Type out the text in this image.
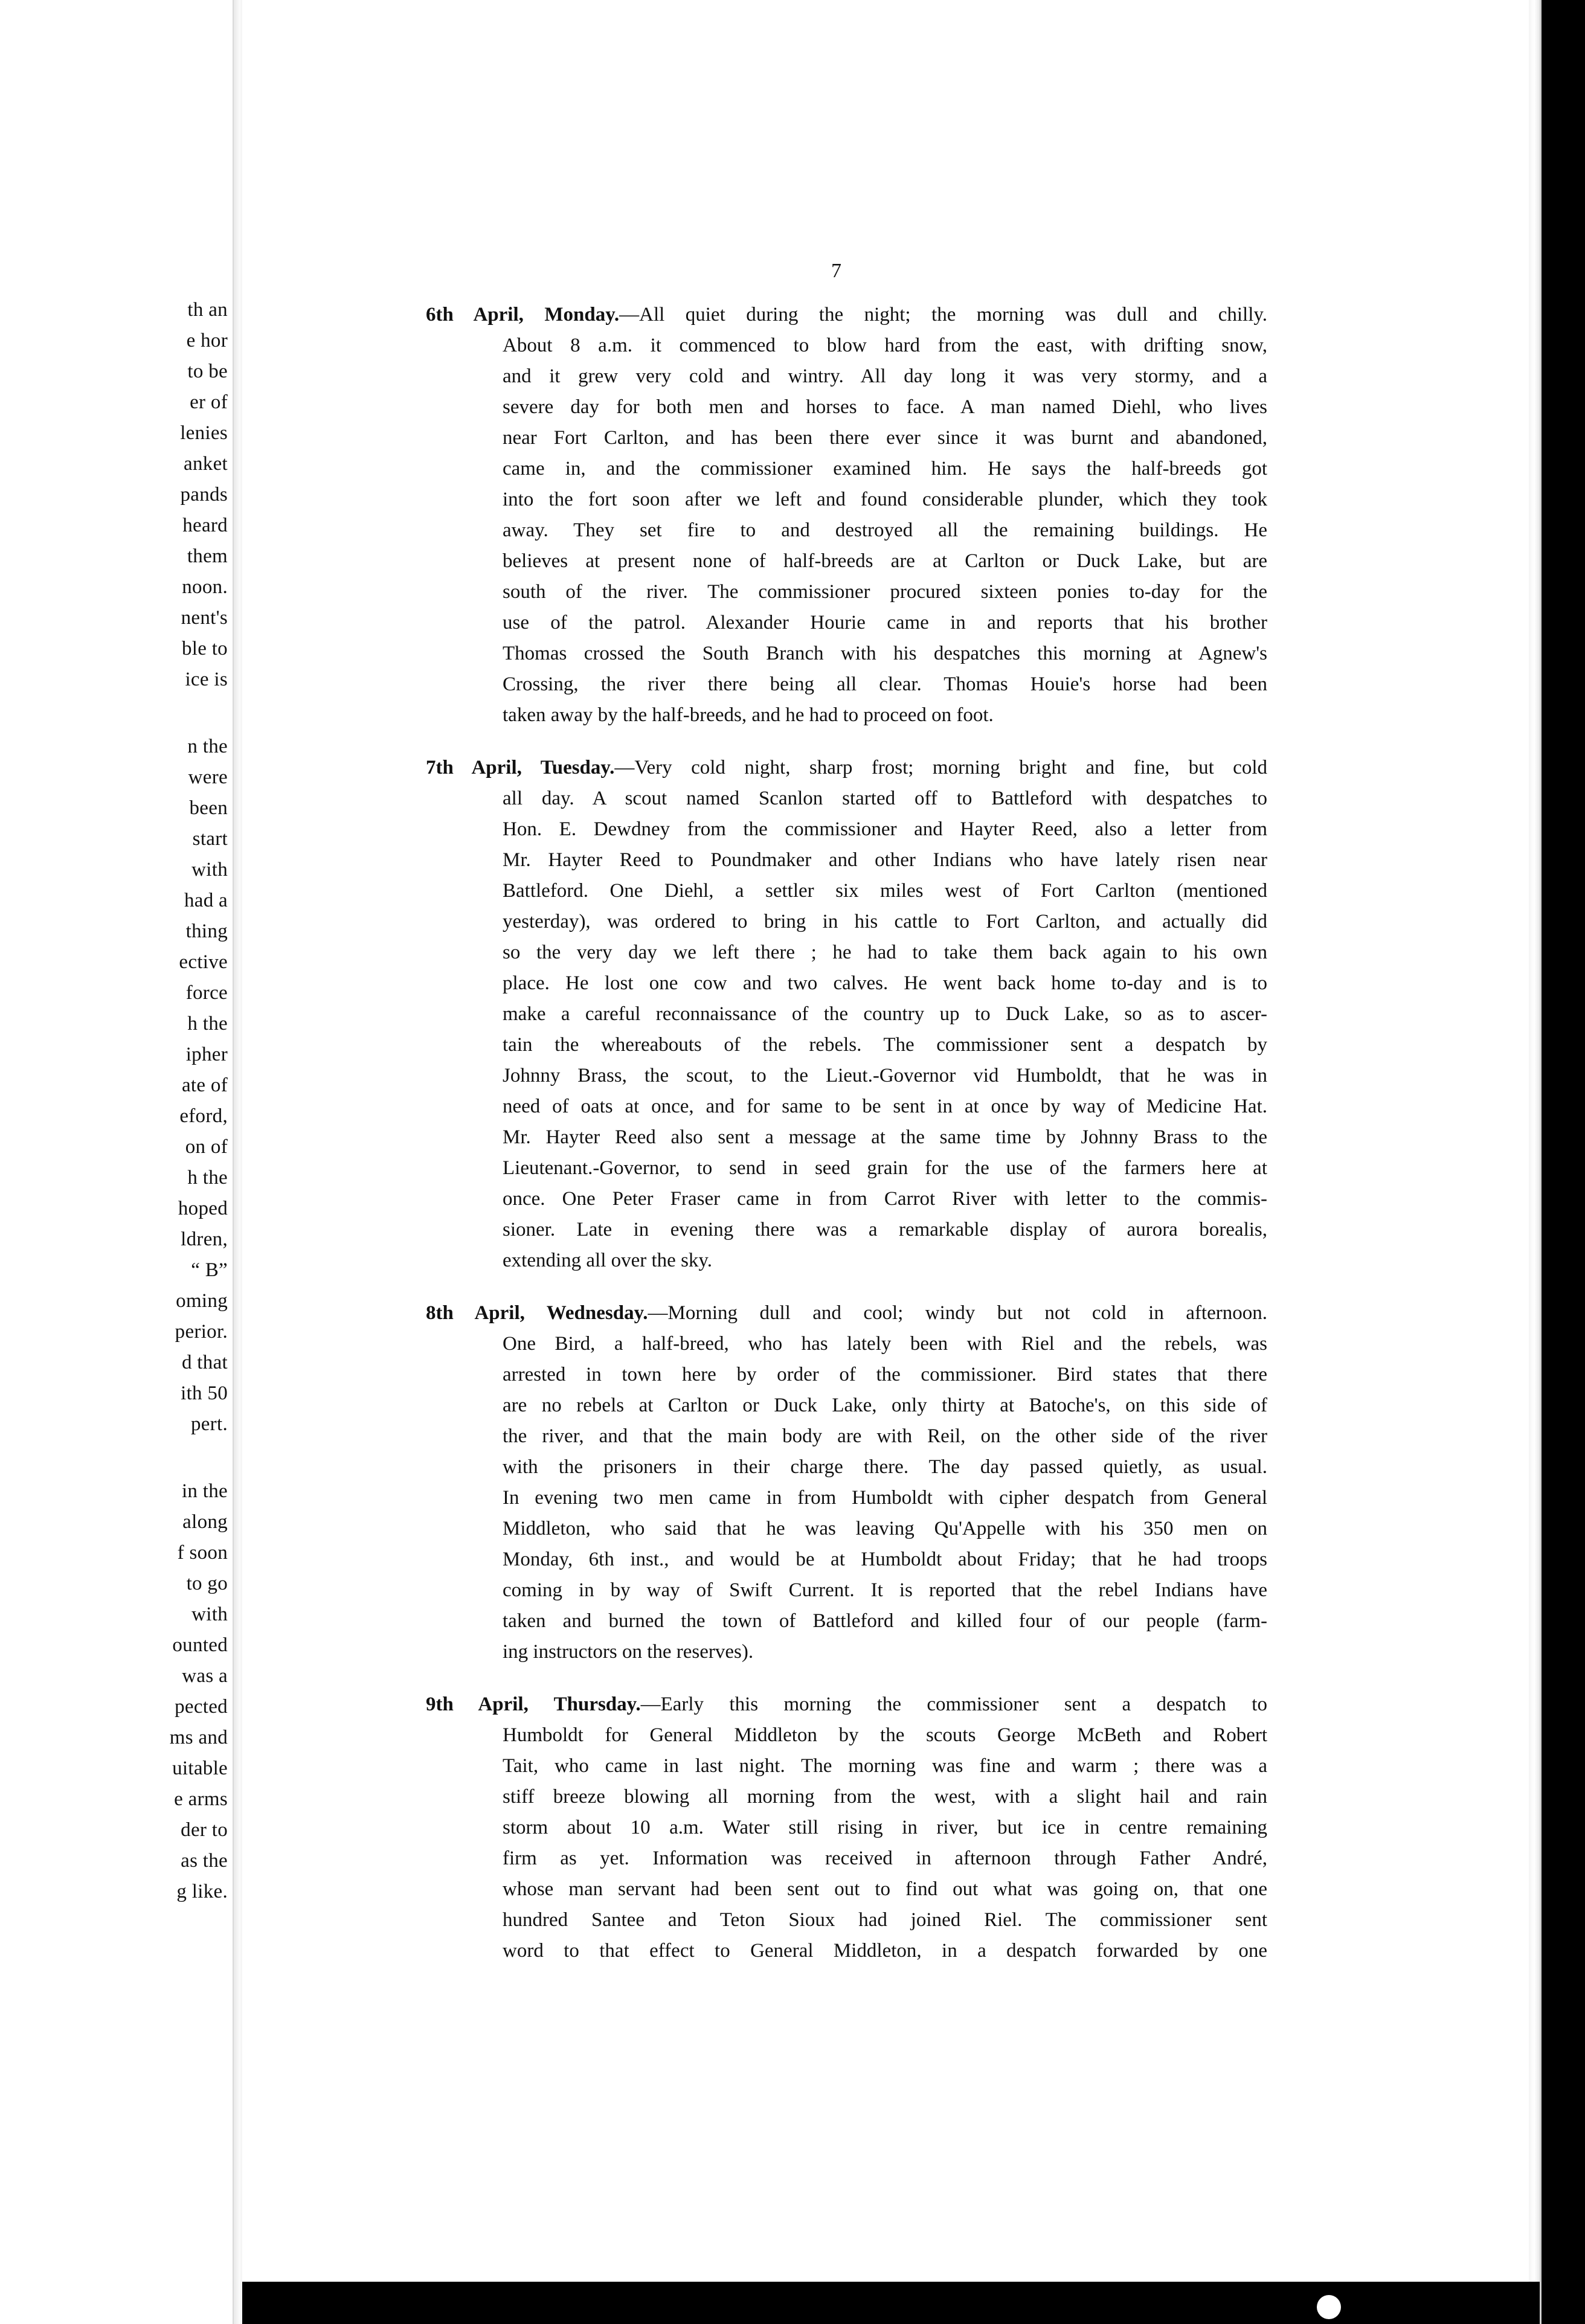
th an
e hor
to be
er of
lenies
anket
pands
heard
them
noon.
nent's
ble to
ice is
n the
were
been
start
with
had a
thing
ective
force
h the
ipher
ate of
eford,
on of
h the
hoped
ldren,
“ B”
oming
perior.
d that
ith 50
pert.
in the
along
f soon
to go
with
ounted
was a
pected
ms and
uitable
e arms
der to
as the
g like.
7
6th April, Monday.—All quiet during the night; the morning was dull and chilly.
About 8 a.m. it commenced to blow hard from the east, with drifting snow,
and it grew very cold and wintry. All day long it was very stormy, and a
severe day for both men and horses to face. A man named Diehl, who lives
near Fort Carlton, and has been there ever since it was burnt and abandoned,
came in, and the commissioner examined him. He says the half-breeds got
into the fort soon after we left and found considerable plunder, which they took
away. They set fire to and destroyed all the remaining buildings. He
believes at present none of half-breeds are at Carlton or Duck Lake, but are
south of the river. The commissioner procured sixteen ponies to-day for the
use of the patrol. Alexander Hourie came in and reports that his brother
Thomas crossed the South Branch with his despatches this morning at Agnew's
Crossing, the river there being all clear. Thomas Houie's horse had been
taken away by the half-breeds, and he had to proceed on foot.
7th April, Tuesday.—Very cold night, sharp frost; morning bright and fine, but cold
all day. A scout named Scanlon started off to Battleford with despatches to
Hon. E. Dewdney from the commissioner and Hayter Reed, also a letter from
Mr. Hayter Reed to Poundmaker and other Indians who have lately risen near
Battleford. One Diehl, a settler six miles west of Fort Carlton (mentioned
yesterday), was ordered to bring in his cattle to Fort Carlton, and actually did
so the very day we left there ; he had to take them back again to his own
place. He lost one cow and two calves. He went back home to-day and is to
make a careful reconnaissance of the country up to Duck Lake, so as to ascer-
tain the whereabouts of the rebels. The commissioner sent a despatch by
Johnny Brass, the scout, to the Lieut.-Governor vid Humboldt, that he was in
need of oats at once, and for same to be sent in at once by way of Medicine Hat.
Mr. Hayter Reed also sent a message at the same time by Johnny Brass to the
Lieutenant.-Governor, to send in seed grain for the use of the farmers here at
once. One Peter Fraser came in from Carrot River with letter to the commis-
sioner. Late in evening there was a remarkable display of aurora borealis,
extending all over the sky.
8th April, Wednesday.—Morning dull and cool; windy but not cold in afternoon.
One Bird, a half-breed, who has lately been with Riel and the rebels, was
arrested in town here by order of the commissioner. Bird states that there
are no rebels at Carlton or Duck Lake, only thirty at Batoche's, on this side of
the river, and that the main body are with Reil, on the other side of the river
with the prisoners in their charge there. The day passed quietly, as usual.
In evening two men came in from Humboldt with cipher despatch from General
Middleton, who said that he was leaving Qu'Appelle with his 350 men on
Monday, 6th inst., and would be at Humboldt about Friday; that he had troops
coming in by way of Swift Current. It is reported that the rebel Indians have
taken and burned the town of Battleford and killed four of our people (farm-
ing instructors on the reserves).
9th April, Thursday.—Early this morning the commissioner sent a despatch to
Humboldt for General Middleton by the scouts George McBeth and Robert
Tait, who came in last night. The morning was fine and warm ; there was a
stiff breeze blowing all morning from the west, with a slight hail and rain
storm about 10 a.m. Water still rising in river, but ice in centre remaining
firm as yet. Information was received in afternoon through Father André,
whose man servant had been sent out to find out what was going on, that one
hundred Santee and Teton Sioux had joined Riel. The commissioner sent
word to that effect to General Middleton, in a despatch forwarded by one
